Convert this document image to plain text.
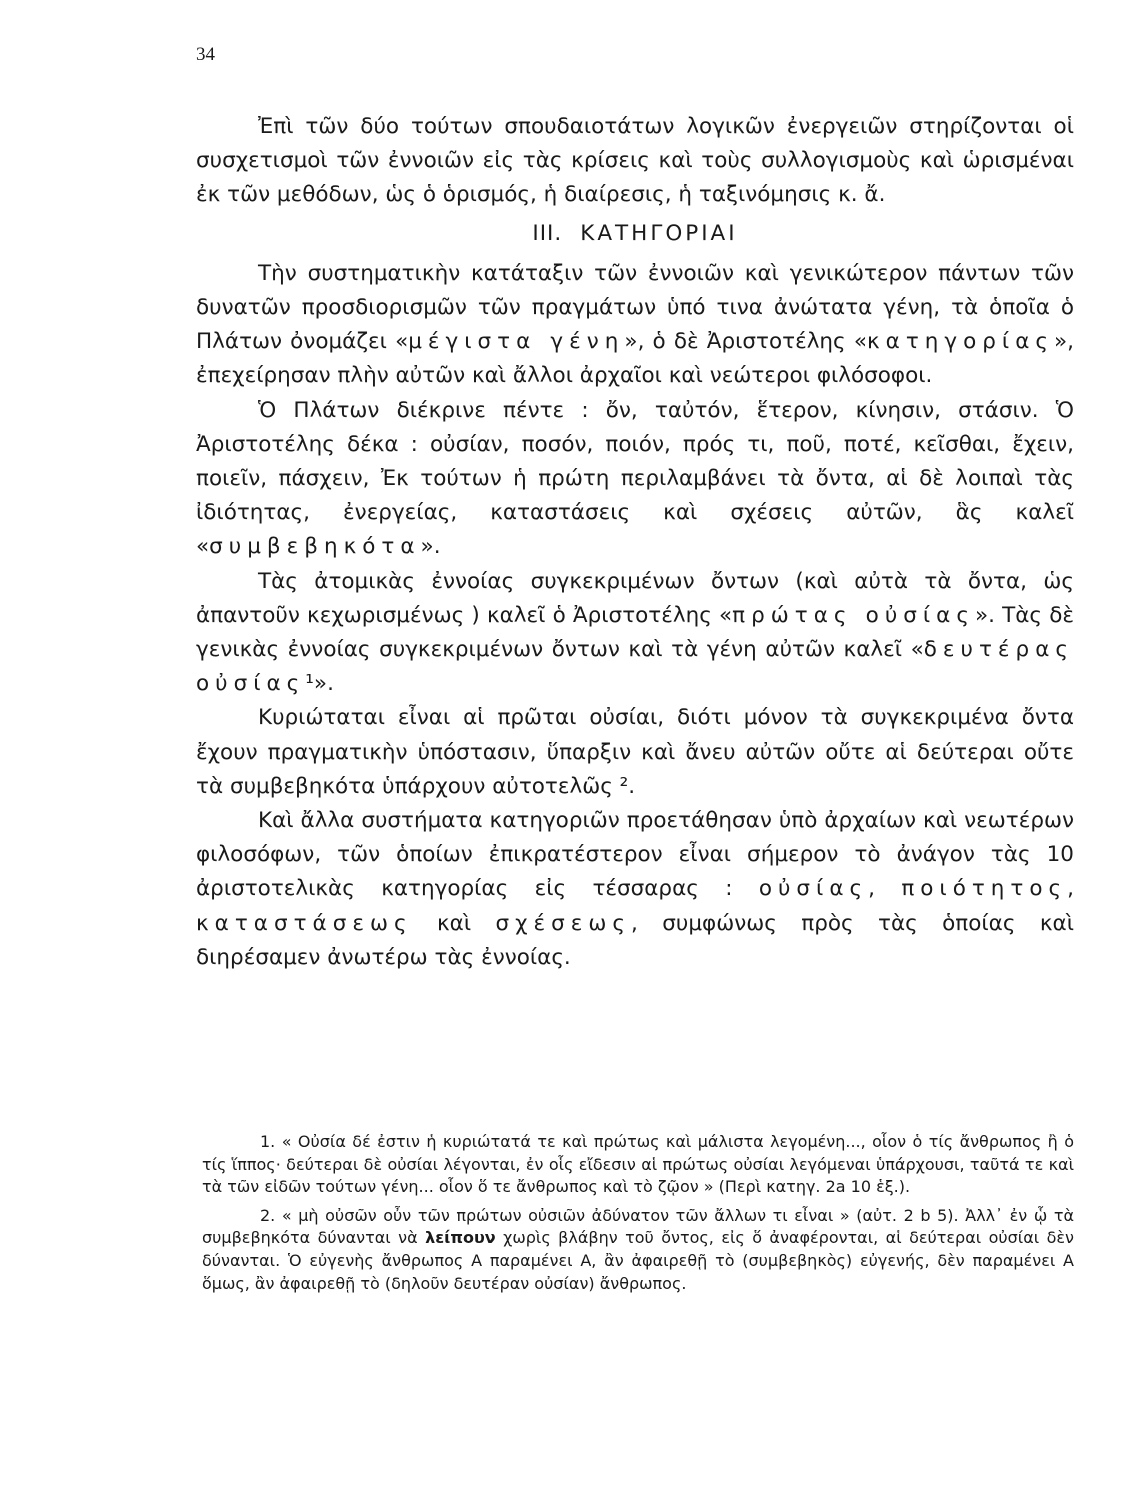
34

Ἐπὶ τῶν δύο τούτων σπουδαιοτάτων λογικῶν ἐνεργειῶν στηρίζονται οἱ συσχετισμοὶ τῶν ἐννοιῶν εἰς τὰς κρίσεις καὶ τοὺς συλλογισμοὺς καὶ ὡρισμέναι ἐκ τῶν μεθόδων, ὡς ὁ ὁρισμός, ἡ διαίρεσις, ἡ ταξινόμησις κ. ἄ.

III. ΚΑΤΗΓΟΡΙΑΙ

Τὴν συστηματικὴν κατάταξιν τῶν ἐννοιῶν καὶ γενικώτερον πάντων τῶν δυνατῶν προσδιορισμῶν τῶν πραγμάτων ὑπό τινα ἀνώτατα γένη, τὰ ὁποῖα ὁ Πλάτων ὀνομάζει «μέγιστα γένη», ὁ δὲ Ἀριστοτέλης «κατηγορίας», ἐπεχείρησαν πλὴν αὐτῶν καὶ ἄλλοι ἀρχαῖοι καὶ νεώτεροι φιλόσοφοι.

Ὁ Πλάτων διέκρινε πέντε : ὄν, ταὐτόν, ἕτερον, κίνησιν, στάσιν. Ὁ Ἀριστοτέλης δέκα : οὐσίαν, ποσόν, ποιόν, πρός τι, ποῦ, ποτέ, κεῖσθαι, ἔχειν, ποιεῖν, πάσχειν, Ἐκ τούτων ἡ πρώτη περιλαμβάνει τὰ ὄντα, αἱ δὲ λοιπαὶ τὰς ἰδιότητας, ἐνεργείας, καταστάσεις καὶ σχέσεις αὐτῶν, ἃς καλεῖ «συμβεβηκότα».

Τὰς ἀτομικὰς ἐννοίας συγκεκριμένων ὄντων (καὶ αὐτὰ τὰ ὄντα, ὡς ἀπαντοῦν κεχωρισμένως ) καλεῖ ὁ Ἀριστοτέλης «πρώτας οὐσίας». Τὰς δὲ γενικὰς ἐννοίας συγκεκριμένων ὄντων καὶ τὰ γένη αὐτῶν καλεῖ «δευτέρας οὐσίας¹».

Κυριώταται εἶναι αἱ πρῶται οὐσίαι, διότι μόνον τὰ συγκεκριμένα ὄντα ἔχουν πραγματικὴν ὑπόστασιν, ὕπαρξιν καὶ ἄνευ αὐτῶν οὔτε αἱ δεύτεραι οὔτε τὰ συμβεβηκότα ὑπάρχουν αὐτοτελῶς ².

Καὶ ἄλλα συστήματα κατηγοριῶν προετάθησαν ὑπὸ ἀρχαίων καὶ νεωτέρων φιλοσόφων, τῶν ὁποίων ἐπικρατέστερον εἶναι σήμερον τὸ ἀνάγον τὰς 10 ἀριστοτελικὰς κατηγορίας εἰς τέσσαρας : οὐσίας, ποιότητος, καταστάσεως καὶ σχέσεως, συμφώνως πρὸς τὰς ὁποίας καὶ διηρέσαμεν ἀνωτέρω τὰς ἐννοίας.

1. « Οὐσία δέ ἐστιν ἡ κυριώτατά τε καὶ πρώτως καὶ μάλιστα λεγομένη..., οἷον ὁ τίς ἄνθρωπος ἢ ὁ τίς ἵππος· δεύτεραι δὲ οὐσίαι λέγονται, ἐν οἷς εἴδεσιν αἱ πρώτως οὐσίαι λεγόμεναι ὑπάρχουσι, ταῦτά τε καὶ τὰ τῶν εἰδῶν τούτων γένη... οἷον ὅ τε ἄνθρωπος καὶ τὸ ζῷον » (Περὶ κατηγ. 2a 10 ἑξ.).

2. « μὴ οὐσῶν οὖν τῶν πρώτων οὐσιῶν ἀδύνατον τῶν ἄλλων τι εἶναι » (αὐτ. 2 b 5). Ἀλλ᾽ ἐν ᾧ τὰ συμβεβηκότα δύνανται νὰ λείπουν χωρὶς βλάβην τοῦ ὄντος, εἰς ὅ ἀναφέρονται, αἱ δεύτεραι οὐσίαι δὲν δύνανται. Ὁ εὐγενὴς ἄνθρωπος Α παραμένει Α, ἂν ἀφαιρεθῇ τὸ (συμβεβηκὸς) εὐγενής, δὲν παραμένει Α ὅμως, ἂν ἀφαιρεθῇ τὸ (δηλοῦν δευτέραν οὐσίαν) ἄνθρωπος.
